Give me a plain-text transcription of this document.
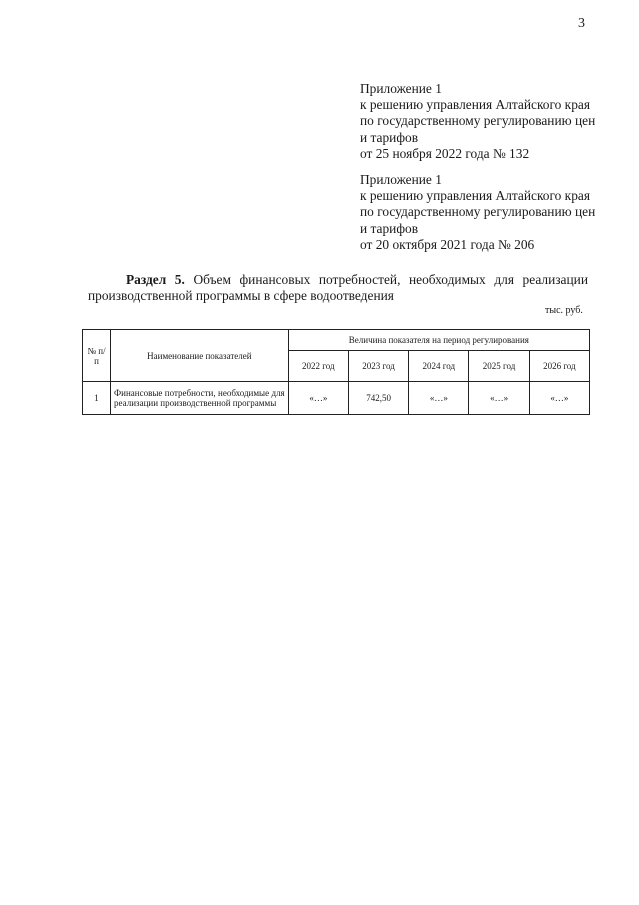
3
Приложение 1
к решению управления Алтайского края
по государственному регулированию цен
и тарифов
от 25 ноября 2022 года № 132
Приложение 1
к решению управления Алтайского края
по государственному регулированию цен
и тарифов
от 20 октября 2021 года № 206

Раздел 5. Объем финансовых потребностей, необходимых для реализации

производственной программы в сфере водоотведения

тыс. руб.
№ п/п	Наименование показателей	Величина показателя на период регулирования				
		2022 год	2023 год	2024 год	2025 год	2026 год
1	Финансовые потребности, необходимые для реализации производственной программы	«…»	742,50	«…»	«…»	«…»
